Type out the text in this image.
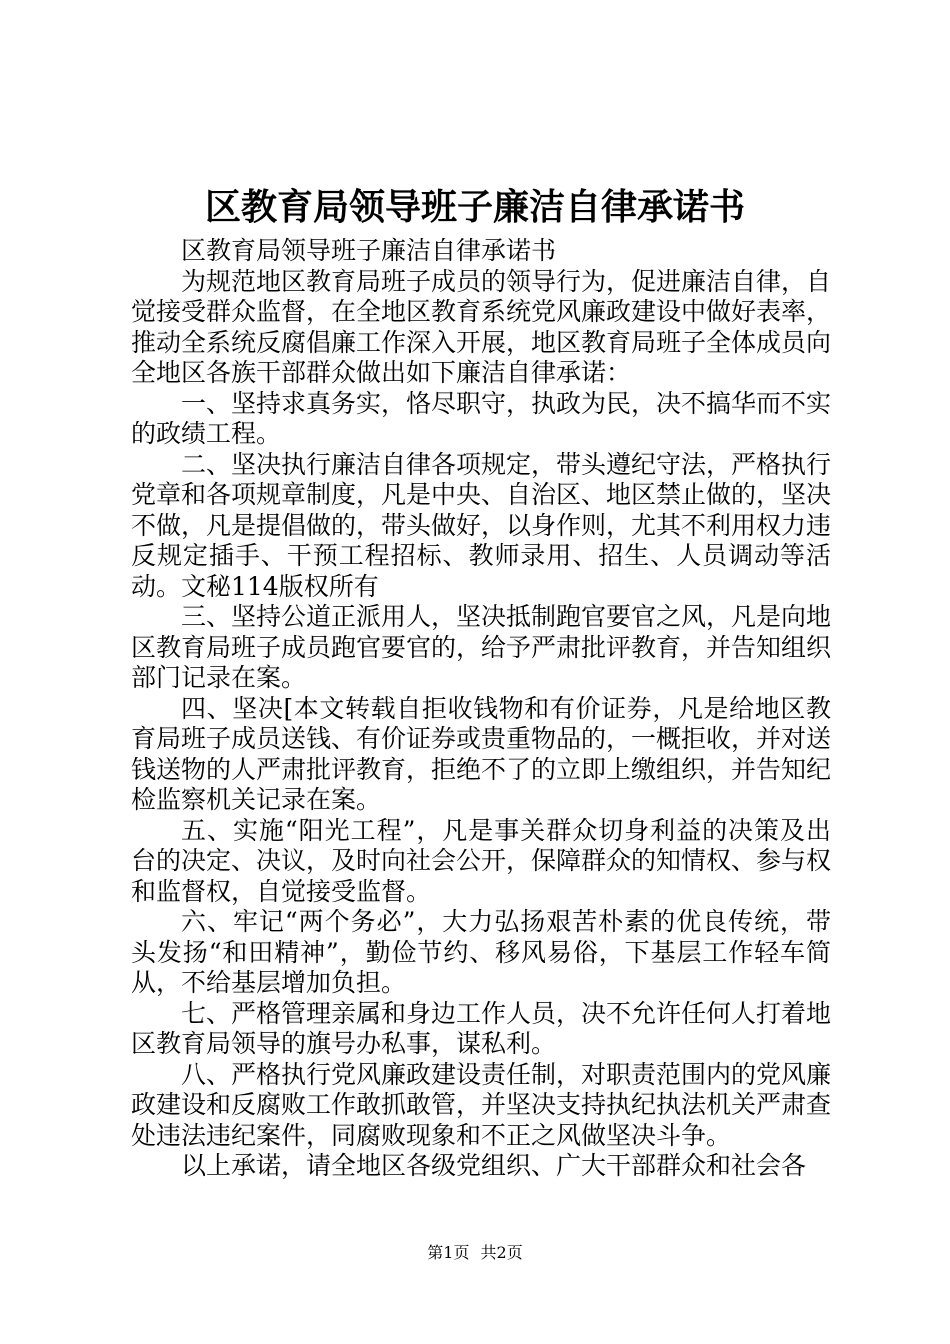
区教育局领导班子廉洁自律承诺书

区教育局领导班子廉洁自律承诺书

为规范地区教育局班子成员的领导行为，促进廉洁自律，自觉接受群众监督，在全地区教育系统党风廉政建设中做好表率，推动全系统反腐倡廉工作深入开展，地区教育局班子全体成员向全地区各族干部群众做出如下廉洁自律承诺：

一、坚持求真务实，恪尽职守，执政为民，决不搞华而不实的政绩工程。

二、坚决执行廉洁自律各项规定，带头遵纪守法，严格执行党章和各项规章制度，凡是中央、自治区、地区禁止做的，坚决不做，凡是提倡做的，带头做好，以身作则，尤其不利用权力违反规定插手、干预工程招标、教师录用、招生、人员调动等活动。文秘114版权所有

三、坚持公道正派用人，坚决抵制跑官要官之风，凡是向地区教育局班子成员跑官要官的，给予严肃批评教育，并告知组织部门记录在案。

四、坚决[本文转载自拒收钱物和有价证券，凡是给地区教育局班子成员送钱、有价证券或贵重物品的，一概拒收，并对送钱送物的人严肃批评教育，拒绝不了的立即上缴组织，并告知纪检监察机关记录在案。

五、实施“阳光工程”，凡是事关群众切身利益的决策及出台的决定、决议，及时向社会公开，保障群众的知情权、参与权和监督权，自觉接受监督。

六、牢记“两个务必”，大力弘扬艰苦朴素的优良传统，带头发扬“和田精神”，勤俭节约、移风易俗，下基层工作轻车简从，不给基层增加负担。

七、严格管理亲属和身边工作人员，决不允许任何人打着地区教育局领导的旗号办私事，谋私利。

八、严格执行党风廉政建设责任制，对职责范围内的党风廉政建设和反腐败工作敢抓敢管，并坚决支持执纪执法机关严肃查处违法违纪案件，同腐败现象和不正之风做坚决斗争。

以上承诺，请全地区各级党组织、广大干部群众和社会各

第1页 共2页
